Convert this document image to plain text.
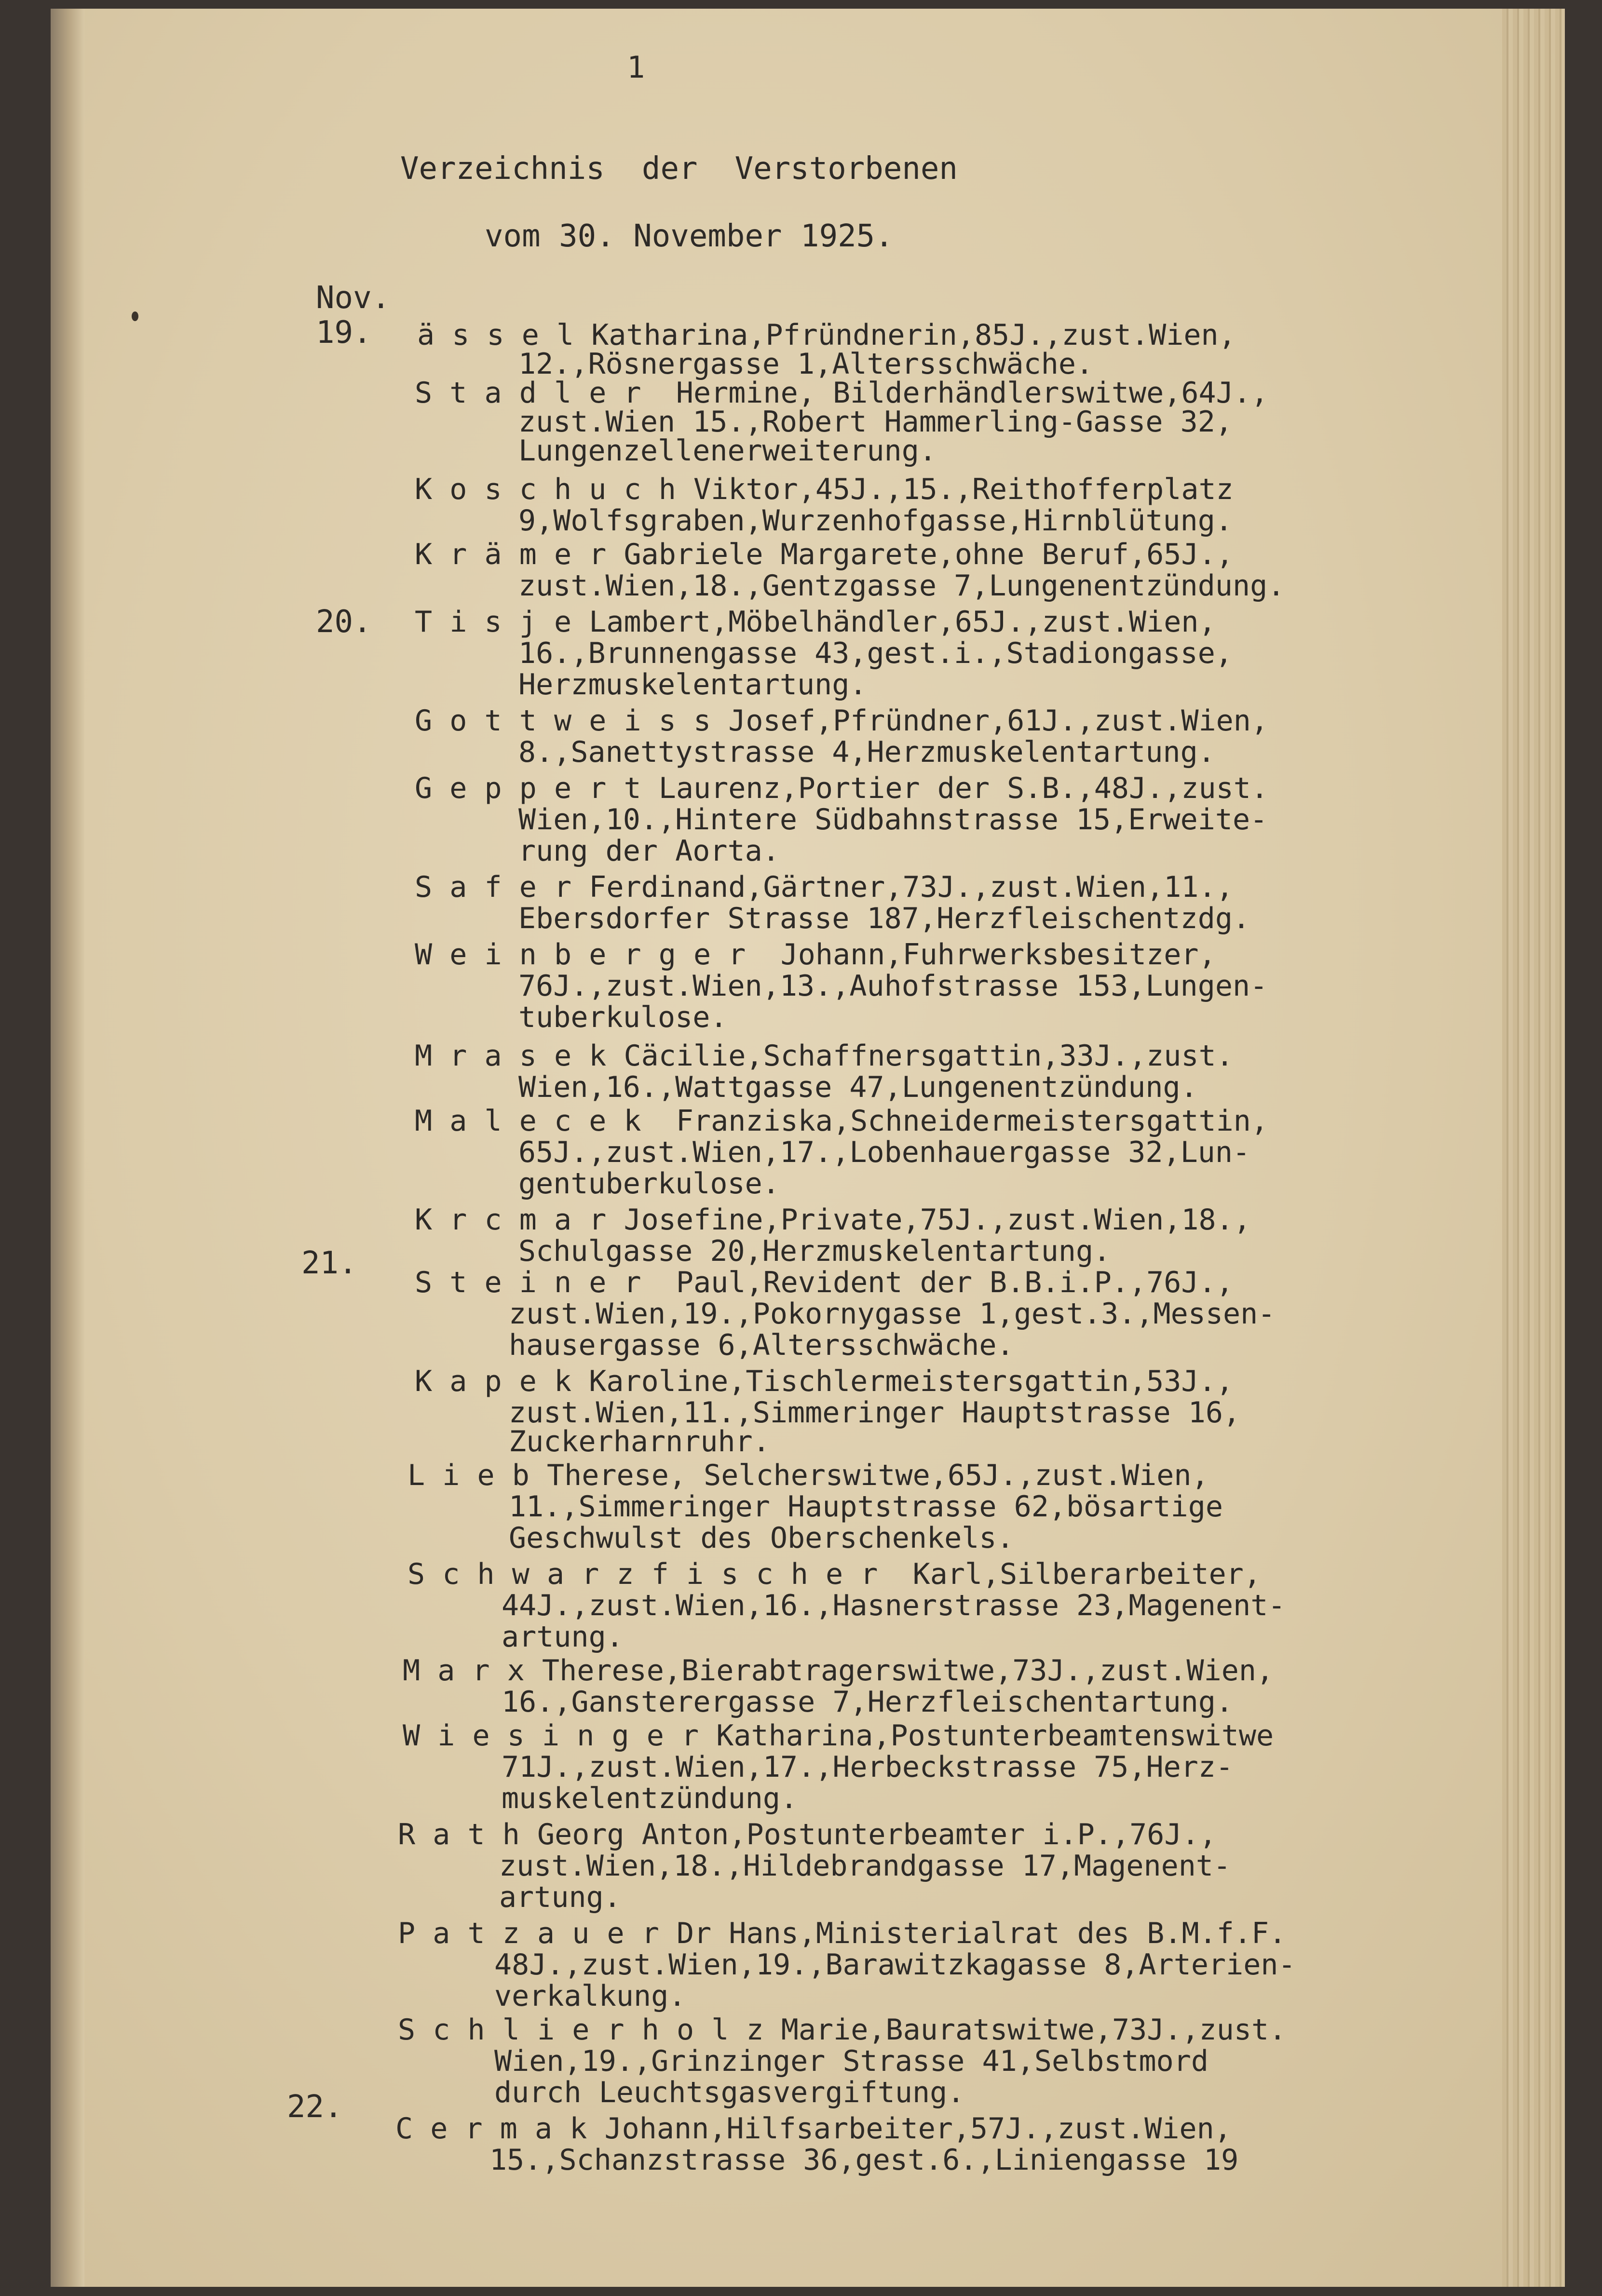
1
Verzeichnis  der  Verstorbenen
vom 30. November 1925.
Nov.
19.
20.
21.
22.
ä s s e l Katharina,Pfründnerin,85J.,zust.Wien,
12.,Rösnergasse 1,Altersschwäche.
S t a d l e r  Hermine, Bilderhändlerswitwe,64J.,
zust.Wien 15.,Robert Hammerling-Gasse 32,
Lungenzellenerweiterung.
K o s c h u c h Viktor,45J.,15.,Reithofferplatz
9,Wolfsgraben,Wurzenhofgasse,Hirnblütung.
K r ä m e r Gabriele Margarete,ohne Beruf,65J.,
zust.Wien,18.,Gentzgasse 7,Lungenentzündung.
T i s j e Lambert,Möbelhändler,65J.,zust.Wien,
16.,Brunnengasse 43,gest.i.,Stadiongasse,
Herzmuskelentartung.
G o t t w e i s s Josef,Pfründner,61J.,zust.Wien,
8.,Sanettystrasse 4,Herzmuskelentartung.
G e p p e r t Laurenz,Portier der S.B.,48J.,zust.
Wien,10.,Hintere Südbahnstrasse 15,Erweite-
rung der Aorta.
S a f e r Ferdinand,Gärtner,73J.,zust.Wien,11.,
Ebersdorfer Strasse 187,Herzfleischentzdg.
W e i n b e r g e r  Johann,Fuhrwerksbesitzer,
76J.,zust.Wien,13.,Auhofstrasse 153,Lungen-
tuberkulose.
M r a s e k Cäcilie,Schaffnersgattin,33J.,zust.
Wien,16.,Wattgasse 47,Lungenentzündung.
M a l e c e k  Franziska,Schneidermeistersgattin,
65J.,zust.Wien,17.,Lobenhauergasse 32,Lun-
gentuberkulose.
K r c m a r Josefine,Private,75J.,zust.Wien,18.,
Schulgasse 20,Herzmuskelentartung.
S t e i n e r  Paul,Revident der B.B.i.P.,76J.,
zust.Wien,19.,Pokornygasse 1,gest.3.,Messen-
hausergasse 6,Altersschwäche.
K a p e k Karoline,Tischlermeistersgattin,53J.,
zust.Wien,11.,Simmeringer Hauptstrasse 16,
Zuckerharnruhr.
L i e b Therese, Selcherswitwe,65J.,zust.Wien,
11.,Simmeringer Hauptstrasse 62,bösartige
Geschwulst des Oberschenkels.
S c h w a r z f i s c h e r  Karl,Silberarbeiter,
44J.,zust.Wien,16.,Hasnerstrasse 23,Magenent-
artung.
M a r x Therese,Bierabtragerswitwe,73J.,zust.Wien,
16.,Gansterergasse 7,Herzfleischentartung.
W i e s i n g e r Katharina,Postunterbeamtenswitwe
71J.,zust.Wien,17.,Herbeckstrasse 75,Herz-
muskelentzündung.
R a t h Georg Anton,Postunterbeamter i.P.,76J.,
zust.Wien,18.,Hildebrandgasse 17,Magenent-
artung.
P a t z a u e r Dr Hans,Ministerialrat des B.M.f.F.
48J.,zust.Wien,19.,Barawitzkagasse 8,Arterien-
verkalkung.
S c h l i e r h o l z Marie,Bauratswitwe,73J.,zust.
Wien,19.,Grinzinger Strasse 41,Selbstmord
durch Leuchtsgasvergiftung.
C e r m a k Johann,Hilfsarbeiter,57J.,zust.Wien,
15.,Schanzstrasse 36,gest.6.,Liniengasse 19
